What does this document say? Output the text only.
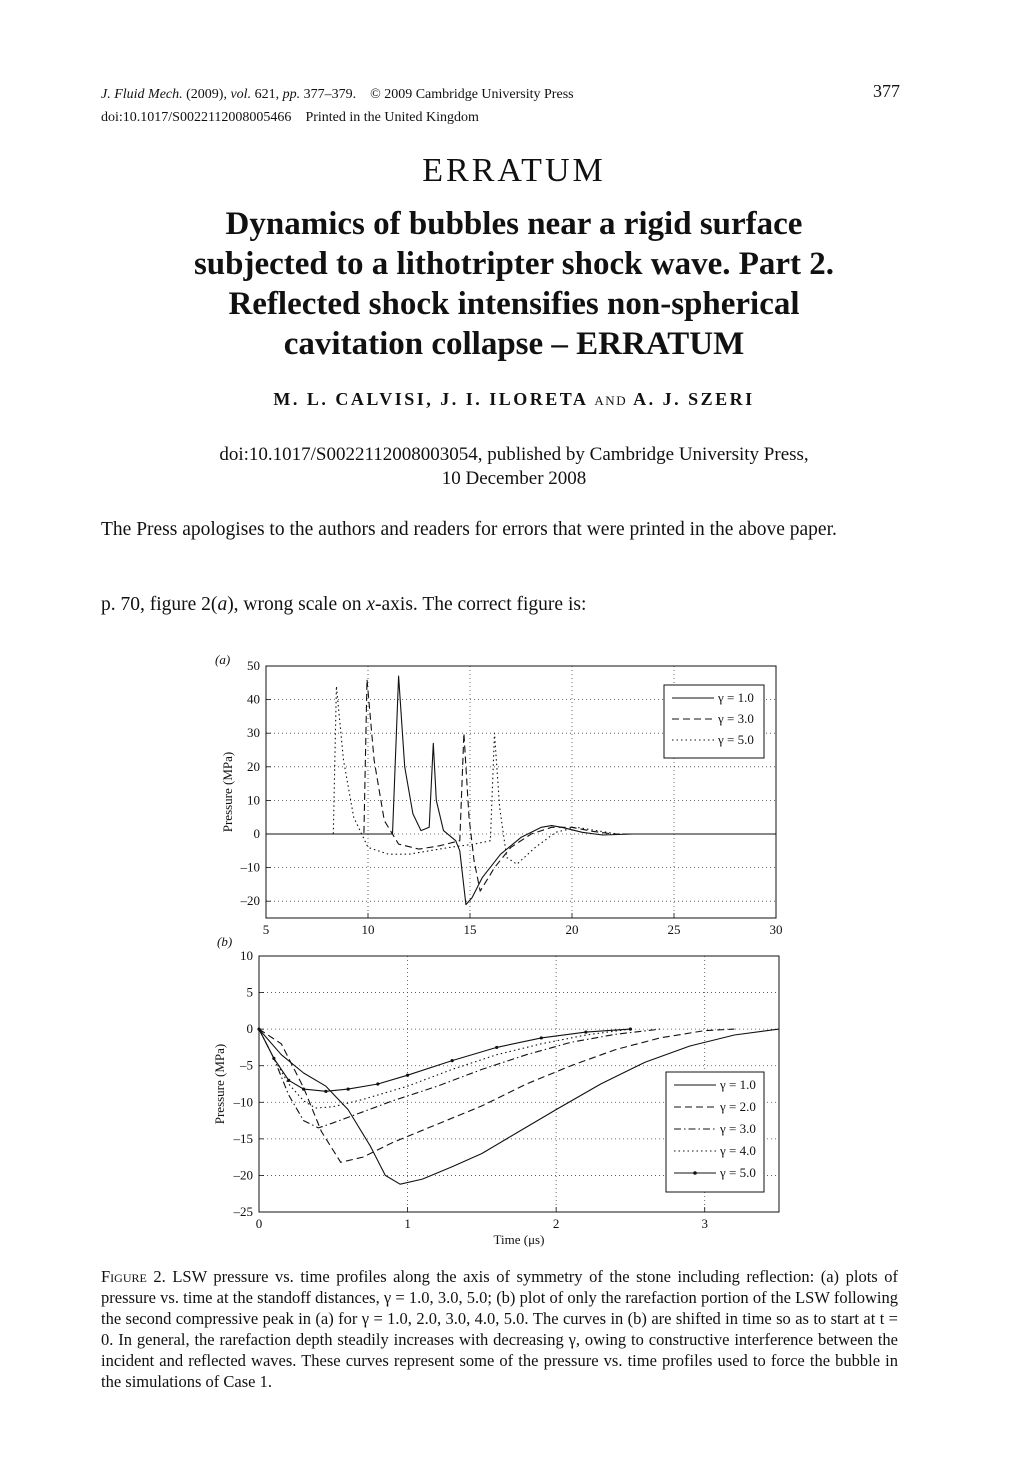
J. Fluid Mech. (2009), vol. 621, pp. 377–379. © 2009 Cambridge University Press
doi:10.1017/S0022112008005466 Printed in the United Kingdom
377
ERRATUM
Dynamics of bubbles near a rigid surface
subjected to a lithotripter shock wave. Part 2.
Reflected shock intensifies non-spherical
cavitation collapse – ERRATUM
M. L. CALVISI, J. I. ILORETA AND A. J. SZERI
doi:10.1017/S0022112008003054, published by Cambridge University Press,
10 December 2008
The Press apologises to the authors and readers for errors that were printed in the above paper.
p. 70, figure 2(a), wrong scale on x-axis. The correct figure is:
5	10	15	20	25	30
50
40
30
20
10
0
–10
–20
(a)
Pressure (MPa)
γ = 1.0
γ = 3.0
γ = 5.0
0	1	2	3
10
5
0
–5
–10
–15
–20
–25
(b)
Pressure (MPa)
Time (μs)
γ = 1.0
γ = 2.0
γ = 3.0
γ = 4.0
γ = 5.0
Figure 2. LSW pressure vs. time profiles along the axis of symmetry of the stone including reflection: (a) plots of pressure vs. time at the standoff distances, γ = 1.0, 3.0, 5.0; (b) plot of only the rarefaction portion of the LSW following the second compressive peak in (a) for γ = 1.0, 2.0, 3.0, 4.0, 5.0. The curves in (b) are shifted in time so as to start at t = 0. In general, the rarefaction depth steadily increases with decreasing γ, owing to constructive interference between the incident and reflected waves. These curves represent some of the pressure vs. time profiles used to force the bubble in the simulations of Case 1.
